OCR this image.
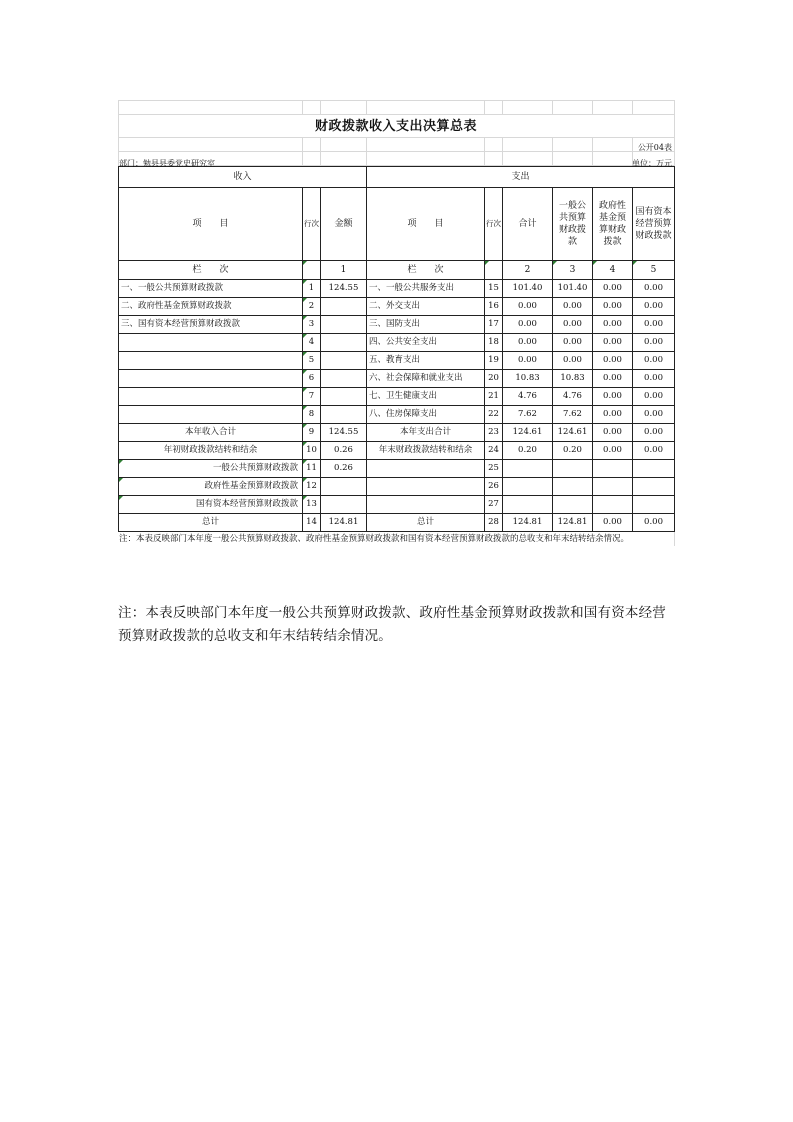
财政拨款收入支出决算总表
公开04表
部门：勉县县委党史研究室	单位：万元
收入			支出					
项　　目	行次	金额	项　　目	行次	合计	一般公共预算财政拨款	政府性基金预算财政拨款	国有资本经营预算财政拨款
栏　　次		1	栏　　次		2	3	4	5
一、一般公共预算财政拨款	1	124.55	一、一般公共服务支出	15	101.40	101.40	0.00	0.00
二、政府性基金预算财政拨款	2		二、外交支出	16	0.00	0.00	0.00	0.00
三、国有资本经营预算财政拨款	3		三、国防支出	17	0.00	0.00	0.00	0.00
	4		四、公共安全支出	18	0.00	0.00	0.00	0.00
	5		五、教育支出	19	0.00	0.00	0.00	0.00
	6		六、社会保障和就业支出	20	10.83	10.83	0.00	0.00
	7		七、卫生健康支出	21	4.76	4.76	0.00	0.00
	8		八、住房保障支出	22	7.62	7.62	0.00	0.00
本年收入合计	9	124.55	本年支出合计	23	124.61	124.61	0.00	0.00
年初财政拨款结转和结余	10	0.26	年末财政拨款结转和结余	24	0.20	0.20	0.00	0.00
一般公共预算财政拨款	11	0.26		25				
政府性基金预算财政拨款	12			26				
国有资本经营预算财政拨款	13			27				
总计	14	124.81	总计	28	124.81	124.81	0.00	0.00
注：本表反映部门本年度一般公共预算财政拨款、政府性基金预算财政拨款和国有资本经营预算财政拨款的总收支和年末结转结余情况。
注：本表反映部门本年度一般公共预算财政拨款、政府性基金预算财政拨款和国有资本经营预算财政拨款的总收支和年末结转结余情况。
